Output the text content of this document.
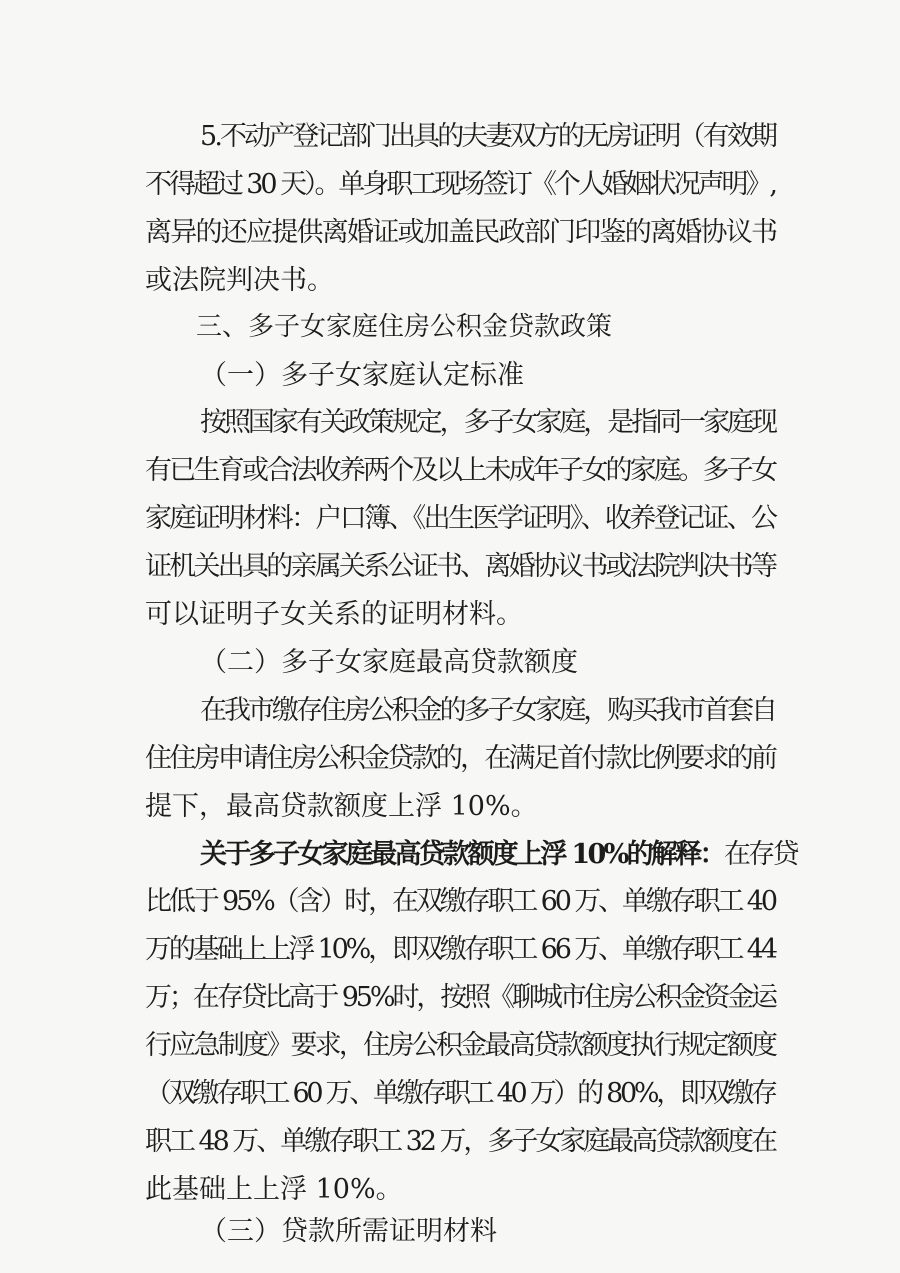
5.不动产登记部门出具的夫妻双方的无房证明（有效期
不得超过 30 天）。单身职工现场签订《个人婚姻状况声明》,
离异的还应提供离婚证或加盖民政部门印鉴的离婚协议书
或法院判决书。
三、多子女家庭住房公积金贷款政策
（一）多子女家庭认定标准
按照国家有关政策规定，多子女家庭，是指同一家庭现
有已生育或合法收养两个及以上未成年子女的家庭。多子女
家庭证明材料：户口簿、《出生医学证明》、收养登记证、公
证机关出具的亲属关系公证书、离婚协议书或法院判决书等
可以证明子女关系的证明材料。
（二）多子女家庭最高贷款额度
在我市缴存住房公积金的多子女家庭，购买我市首套自
住住房申请住房公积金贷款的，在满足首付款比例要求的前
提下，最高贷款额度上浮 10%。
关于多子女家庭最高贷款额度上浮 10%的解释：在存贷
比低于 95%（含）时，在双缴存职工 60 万、单缴存职工 40
万的基础上上浮 10%，即双缴存职工 66 万、单缴存职工 44
万；在存贷比高于 95%时，按照《聊城市住房公积金资金运
行应急制度》要求，住房公积金最高贷款额度执行规定额度
（双缴存职工 60 万、单缴存职工 40 万）的 80%，即双缴存
职工 48 万、单缴存职工 32 万，多子女家庭最高贷款额度在
此基础上上浮 10%。
（三）贷款所需证明材料
